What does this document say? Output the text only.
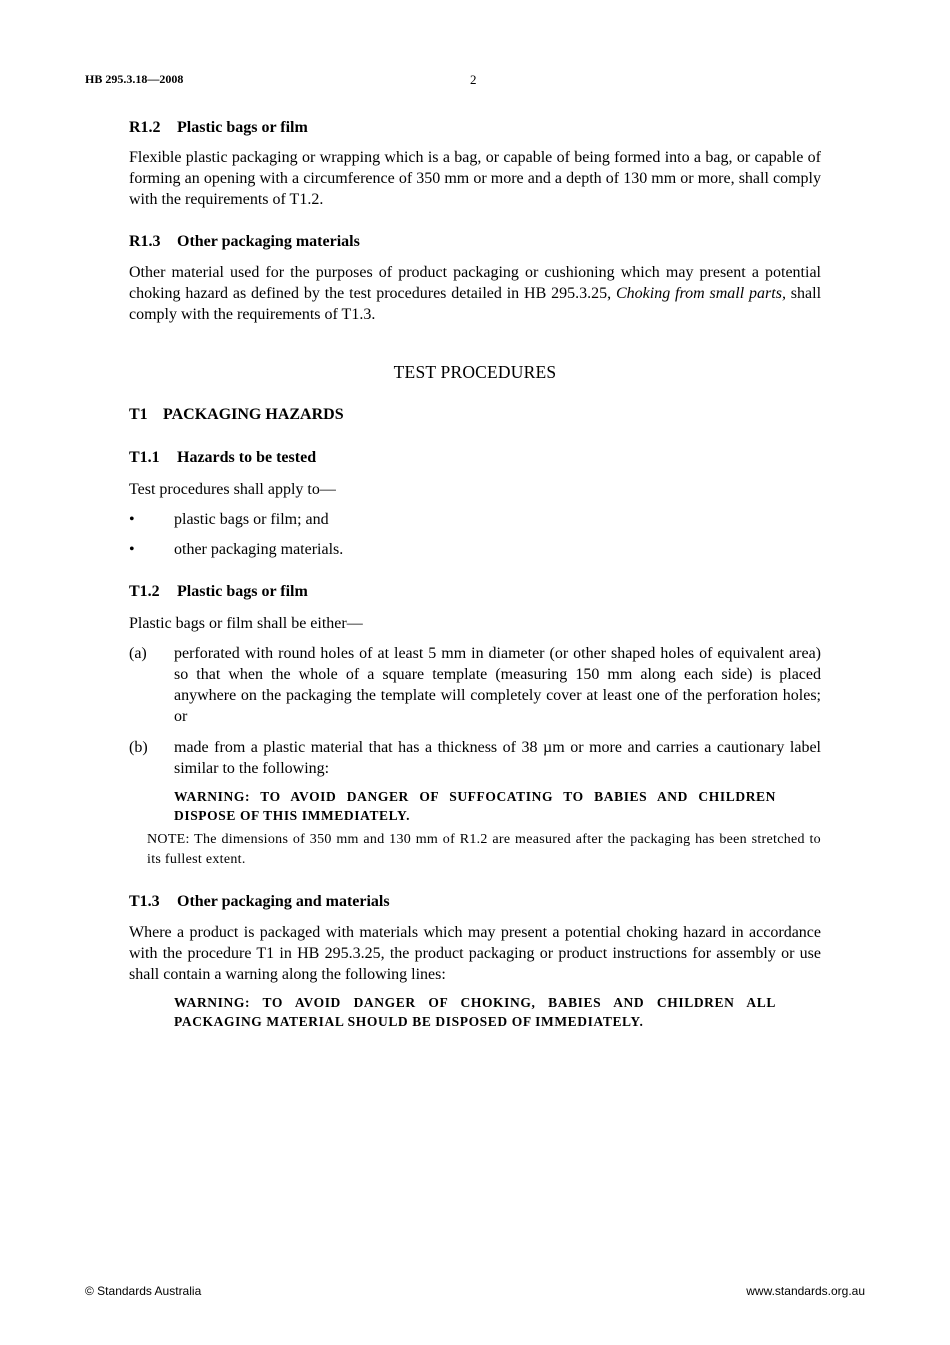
HB 295.3.18—2008	2
R1.2 Plastic bags or film
Flexible plastic packaging or wrapping which is a bag, or capable of being formed into a bag, or capable of forming an opening with a circumference of 350 mm or more and a depth of 130 mm or more, shall comply with the requirements of T1.2.
R1.3 Other packaging materials
Other material used for the purposes of product packaging or cushioning which may present a potential choking hazard as defined by the test procedures detailed in HB 295.3.25, Choking from small parts, shall comply with the requirements of T1.3.
TEST PROCEDURES
T1 PACKAGING HAZARDS
T1.1 Hazards to be tested
Test procedures shall apply to—
• plastic bags or film; and
• other packaging materials.
T1.2 Plastic bags or film
Plastic bags or film shall be either—
(a) perforated with round holes of at least 5 mm in diameter (or other shaped holes of equivalent area) so that when the whole of a square template (measuring 150 mm along each side) is placed anywhere on the packaging the template will completely cover at least one of the perforation holes; or
(b) made from a plastic material that has a thickness of 38 µm or more and carries a cautionary label similar to the following:
WARNING: TO AVOID DANGER OF SUFFOCATING TO BABIES AND CHILDREN DISPOSE OF THIS IMMEDIATELY.
NOTE: The dimensions of 350 mm and 130 mm of R1.2 are measured after the packaging has been stretched to its fullest extent.
T1.3 Other packaging and materials
Where a product is packaged with materials which may present a potential choking hazard in accordance with the procedure T1 in HB 295.3.25, the product packaging or product instructions for assembly or use shall contain a warning along the following lines:
WARNING: TO AVOID DANGER OF CHOKING, BABIES AND CHILDREN ALL PACKAGING MATERIAL SHOULD BE DISPOSED OF IMMEDIATELY.
© Standards Australia	www.standards.org.au
